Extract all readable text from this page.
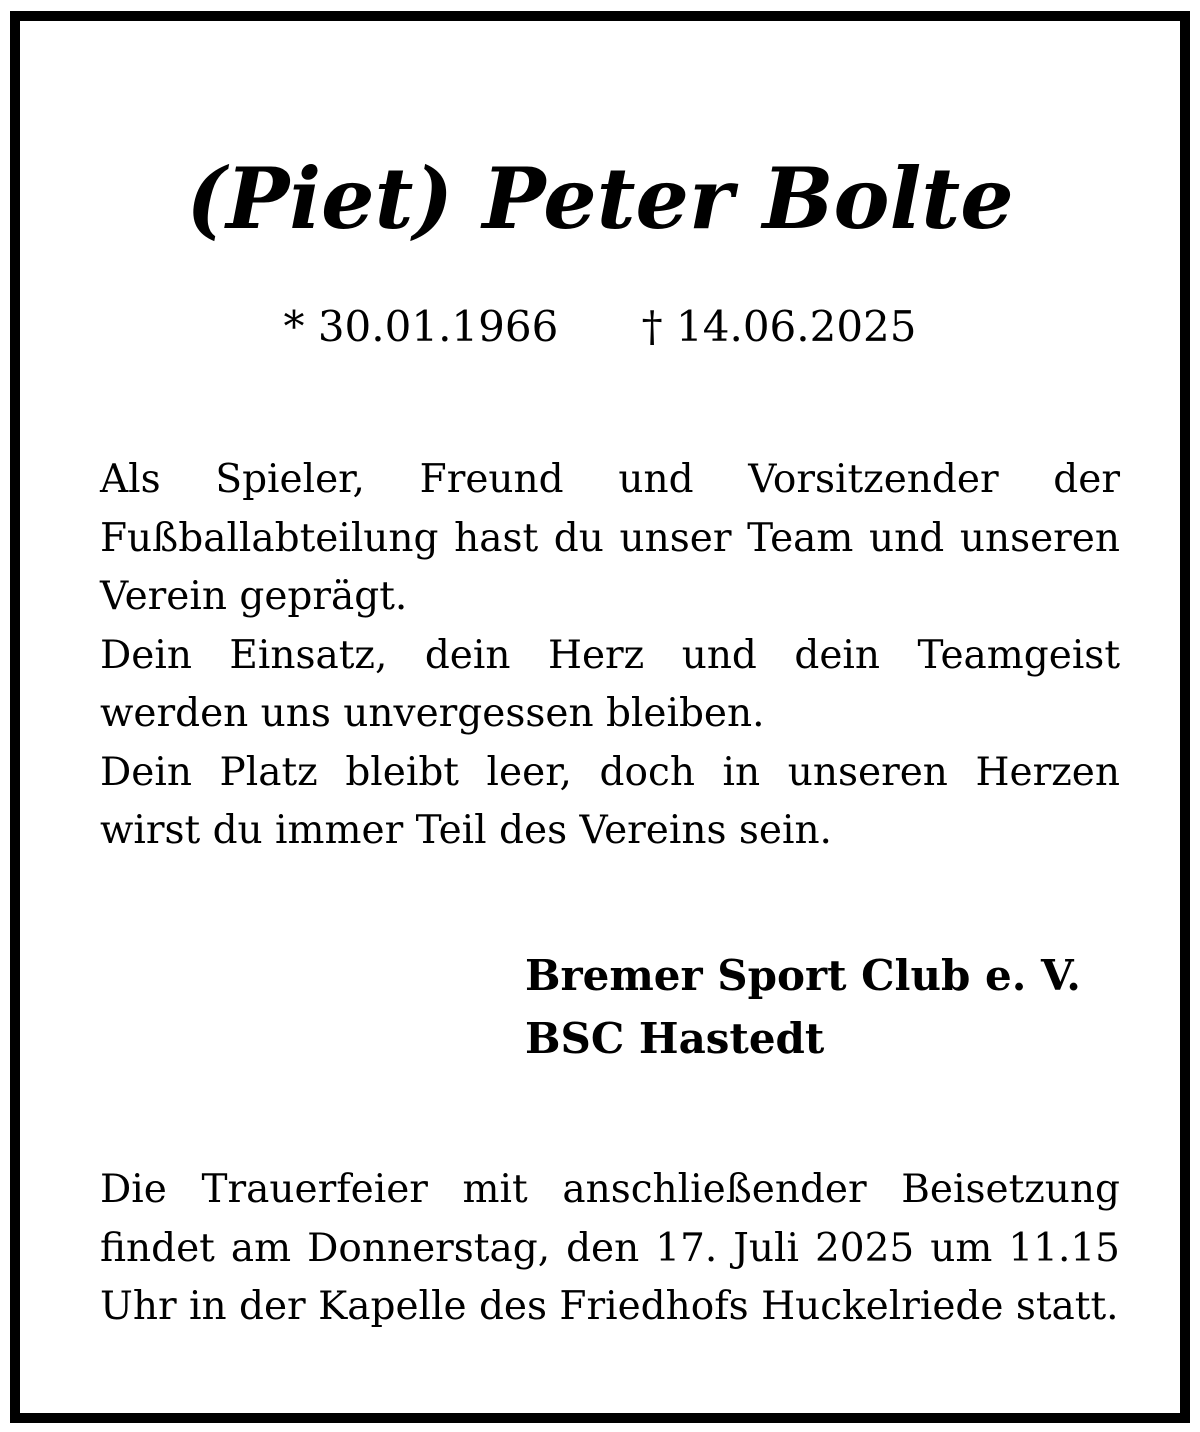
(Piet) Peter Bolte
* 30.01.1966 † 14.06.2025

Als Spieler, Freund und Vorsitzender der Fußballabteilung hast du unser Team und unseren Verein geprägt.

Dein Einsatz, dein Herz und dein Teamgeist werden uns unvergessen bleiben.

Dein Platz bleibt leer, doch in unseren Herzen wirst du immer Teil des Vereins sein.

Bremer Sport Club e. V.
BSC Hastedt

Die Trauerfeier mit anschließender Beisetzung findet am Donnerstag, den 17. Juli 2025 um 11.15 Uhr in der Kapelle des Friedhofs Huckelriede statt.
